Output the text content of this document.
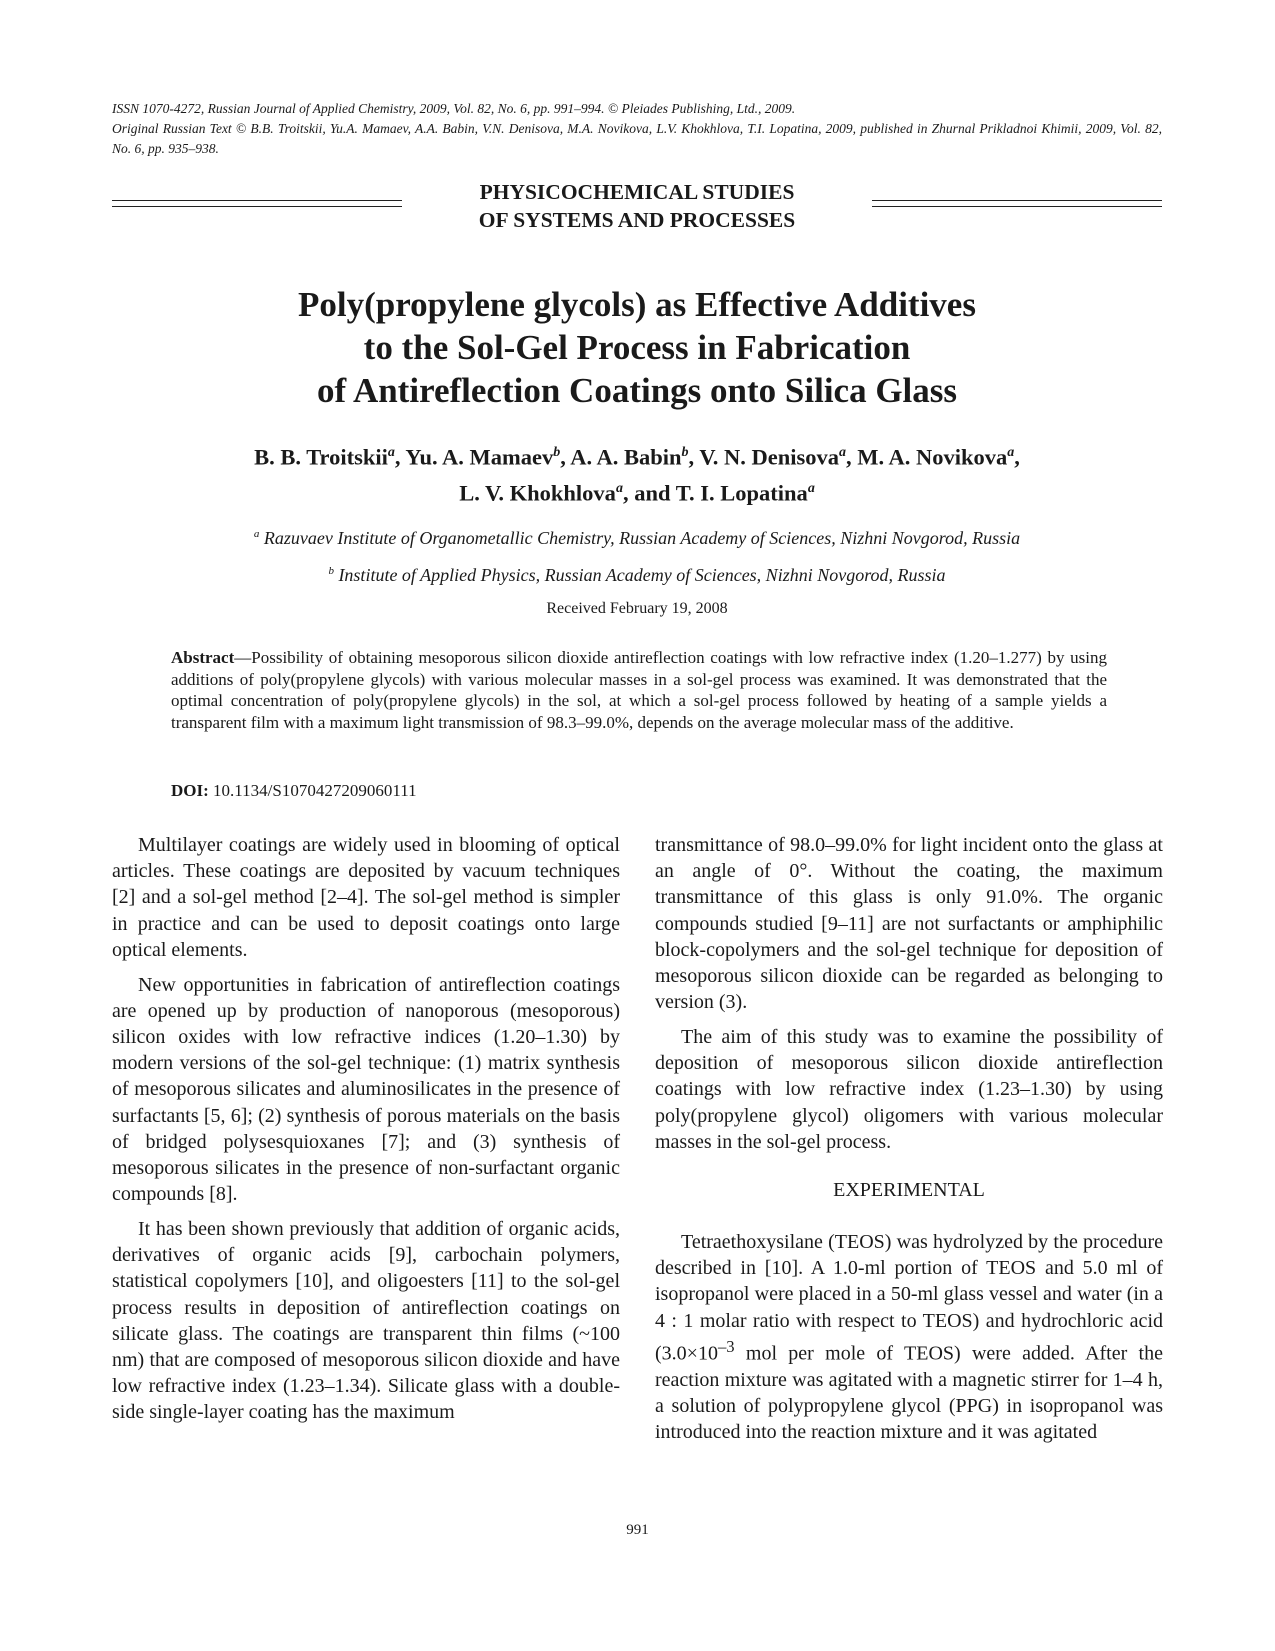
ISSN 1070-4272, Russian Journal of Applied Chemistry, 2009, Vol. 82, No. 6, pp. 991–994. © Pleiades Publishing, Ltd., 2009.
Original Russian Text © B.B. Troitskii, Yu.A. Mamaev, A.A. Babin, V.N. Denisova, M.A. Novikova, L.V. Khokhlova, T.I. Lopatina, 2009, published in Zhurnal Prikladnoi Khimii, 2009, Vol. 82, No. 6, pp. 935–938.
PHYSICOCHEMICAL STUDIES
OF SYSTEMS AND PROCESSES
Poly(propylene glycols) as Effective Additives
to the Sol-Gel Process in Fabrication
of Antireflection Coatings onto Silica Glass
B. B. Troitskii$^a$, Yu. A. Mamaev$^b$, A. A. Babin$^b$, V. N. Denisova$^a$, M. A. Novikova$^a$,
L. V. Khokhlova$^a$, and T. I. Lopatina$^a$
$^a$ Razuvaev Institute of Organometallic Chemistry, Russian Academy of Sciences, Nizhni Novgorod, Russia
$^b$ Institute of Applied Physics, Russian Academy of Sciences, Nizhni Novgorod, Russia
Received February 19, 2008
Abstract—Possibility of obtaining mesoporous silicon dioxide antireflection coatings with low refractive index (1.20–1.277) by using additions of poly(propylene glycols) with various molecular masses in a sol-gel process was examined. It was demonstrated that the optimal concentration of poly(propylene glycols) in the sol, at which a sol-gel process followed by heating of a sample yields a transparent film with a maximum light transmission of 98.3–99.0%, depends on the average molecular mass of the additive.
DOI: 10.1134/S1070427209060111

Multilayer coatings are widely used in blooming of optical articles. These coatings are deposited by vacuum techniques [2] and a sol-gel method [2–4]. The sol-gel method is simpler in practice and can be used to deposit coatings onto large optical elements.

New opportunities in fabrication of antireflection coatings are opened up by production of nanoporous (mesoporous) silicon oxides with low refractive indices (1.20–1.30) by modern versions of the sol-gel technique: (1) matrix synthesis of mesoporous silicates and aluminosilicates in the presence of surfactants [5, 6]; (2) synthesis of porous materials on the basis of bridged polysesquioxanes [7]; and (3) synthesis of mesoporous silicates in the presence of non-surfactant organic compounds [8].

It has been shown previously that addition of organic acids, derivatives of organic acids [9], carbochain polymers, statistical copolymers [10], and oligoesters [11] to the sol-gel process results in deposition of antireflection coatings on silicate glass. The coatings are transparent thin films (~100 nm) that are composed of mesoporous silicon dioxide and have low refractive index (1.23–1.34). Silicate glass with a double-side single-layer coating has the maximum

transmittance of 98.0–99.0% for light incident onto the glass at an angle of 0°. Without the coating, the maximum transmittance of this glass is only 91.0%. The organic compounds studied [9–11] are not surfactants or amphiphilic block-copolymers and the sol-gel technique for deposition of mesoporous silicon dioxide can be regarded as belonging to version (3).

The aim of this study was to examine the possibility of deposition of mesoporous silicon dioxide antireflection coatings with low refractive index (1.23–1.30) by using poly(propylene glycol) oligomers with various molecular masses in the sol-gel process.

EXPERIMENTAL

Tetraethoxysilane (TEOS) was hydrolyzed by the procedure described in [10]. A 1.0-ml portion of TEOS and 5.0 ml of isopropanol were placed in a 50-ml glass vessel and water (in a 4 : 1 molar ratio with respect to TEOS) and hydrochloric acid ($3.0\times 10^{-3}$ mol per mole of TEOS) were added. After the reaction mixture was agitated with a magnetic stirrer for 1–4 h, a solution of polypropylene glycol (PPG) in isopropanol was introduced into the reaction mixture and it was agitated

991
